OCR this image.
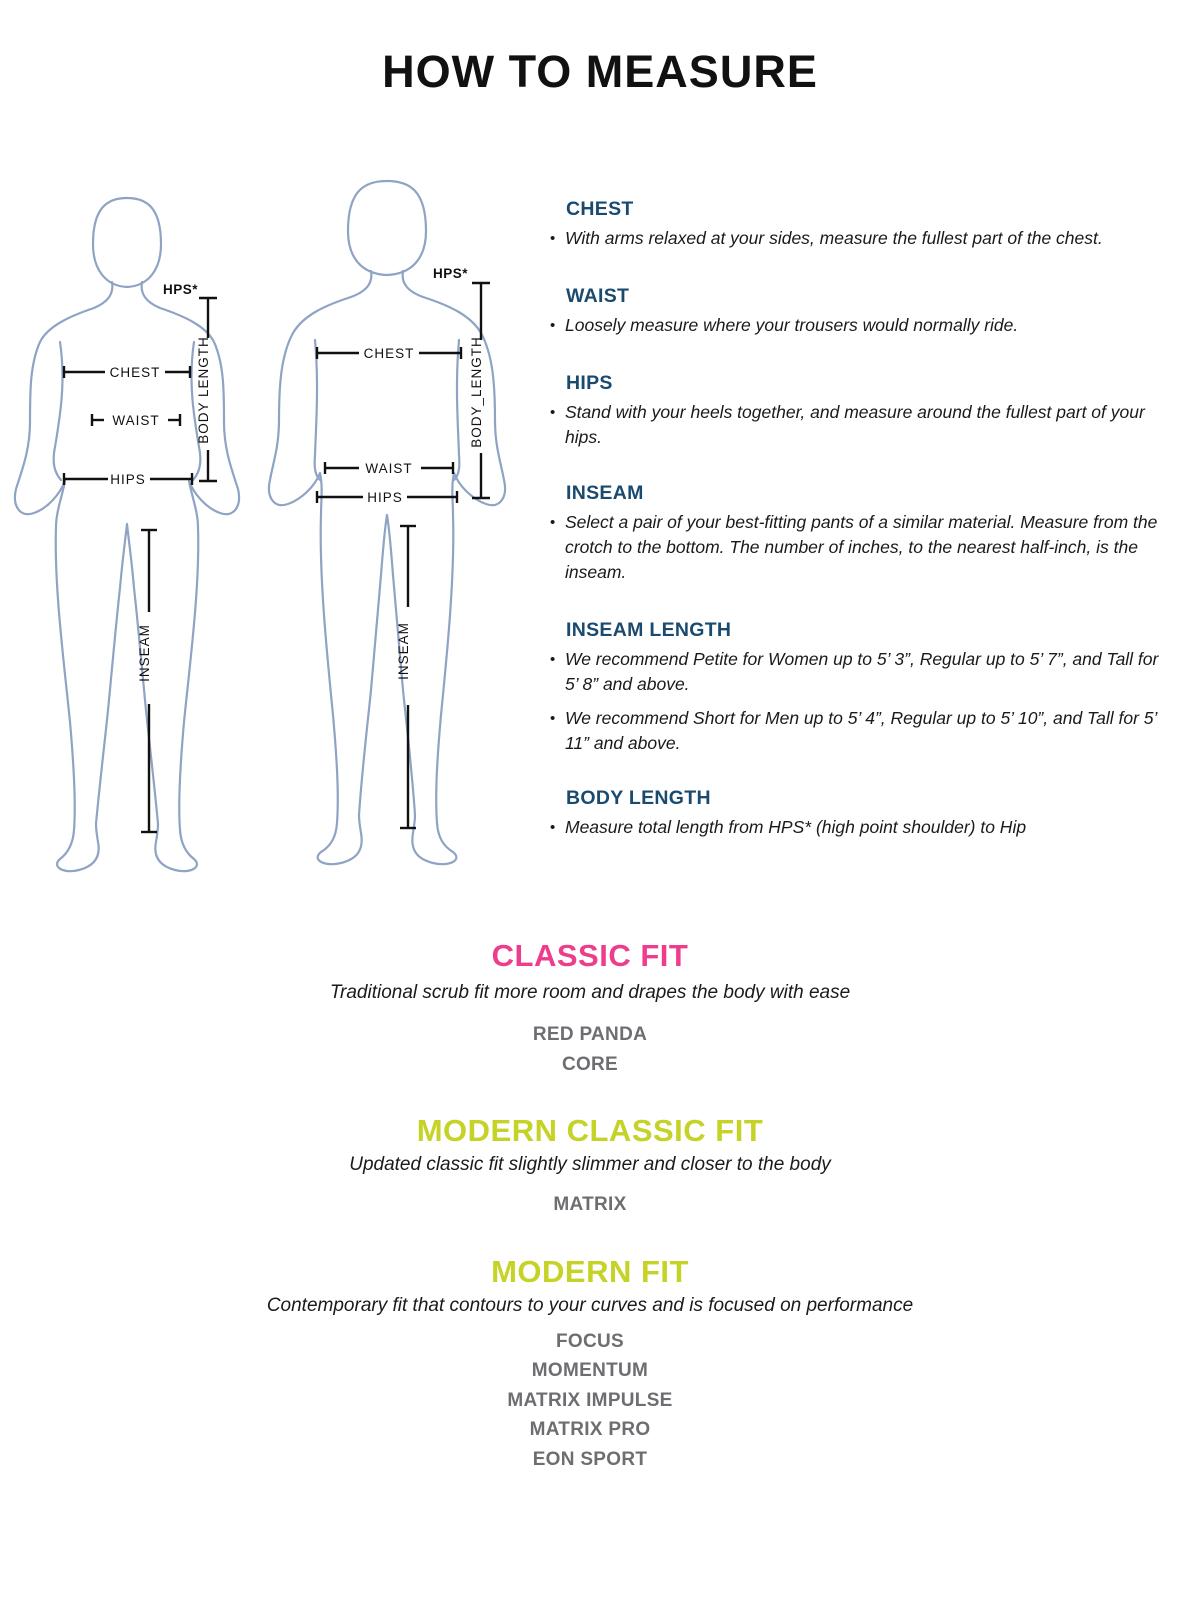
HOW TO MEASURE
CHEST
WAIST
HIPS
HPS*
BODY LENGTH
INSEAM
CHEST
WAIST
HIPS
HPS*
BODY_LENGTH
INSEAM
CHEST
• With arms relaxed at your sides, measure the fullest part of the chest.
WAIST
• Loosely measure where your trousers would normally ride.
HIPS
• Stand with your heels together, and measure around the fullest part of your hips.
INSEAM
• Select a pair of your best-fitting pants of a similar material. Measure from the crotch to the bottom. The number of inches, to the nearest half-inch, is the inseam.
INSEAM LENGTH
• We recommend Petite for Women up to 5’ 3”, Regular up to 5’ 7”, and Tall for 5’ 8” and above.
• We recommend Short for Men up to 5’ 4”, Regular up to 5’ 10”, and Tall for 5’ 11” and above.
BODY LENGTH
• Measure total length from HPS* (high point shoulder) to Hip
CLASSIC FIT
Traditional scrub fit more room and drapes the body with ease
RED PANDA
CORE
MODERN CLASSIC FIT
Updated classic fit slightly slimmer and closer to the body
MATRIX
MODERN FIT
Contemporary fit that contours to your curves and is focused on performance
FOCUS
MOMENTUM
MATRIX IMPULSE
MATRIX PRO
EON SPORT
